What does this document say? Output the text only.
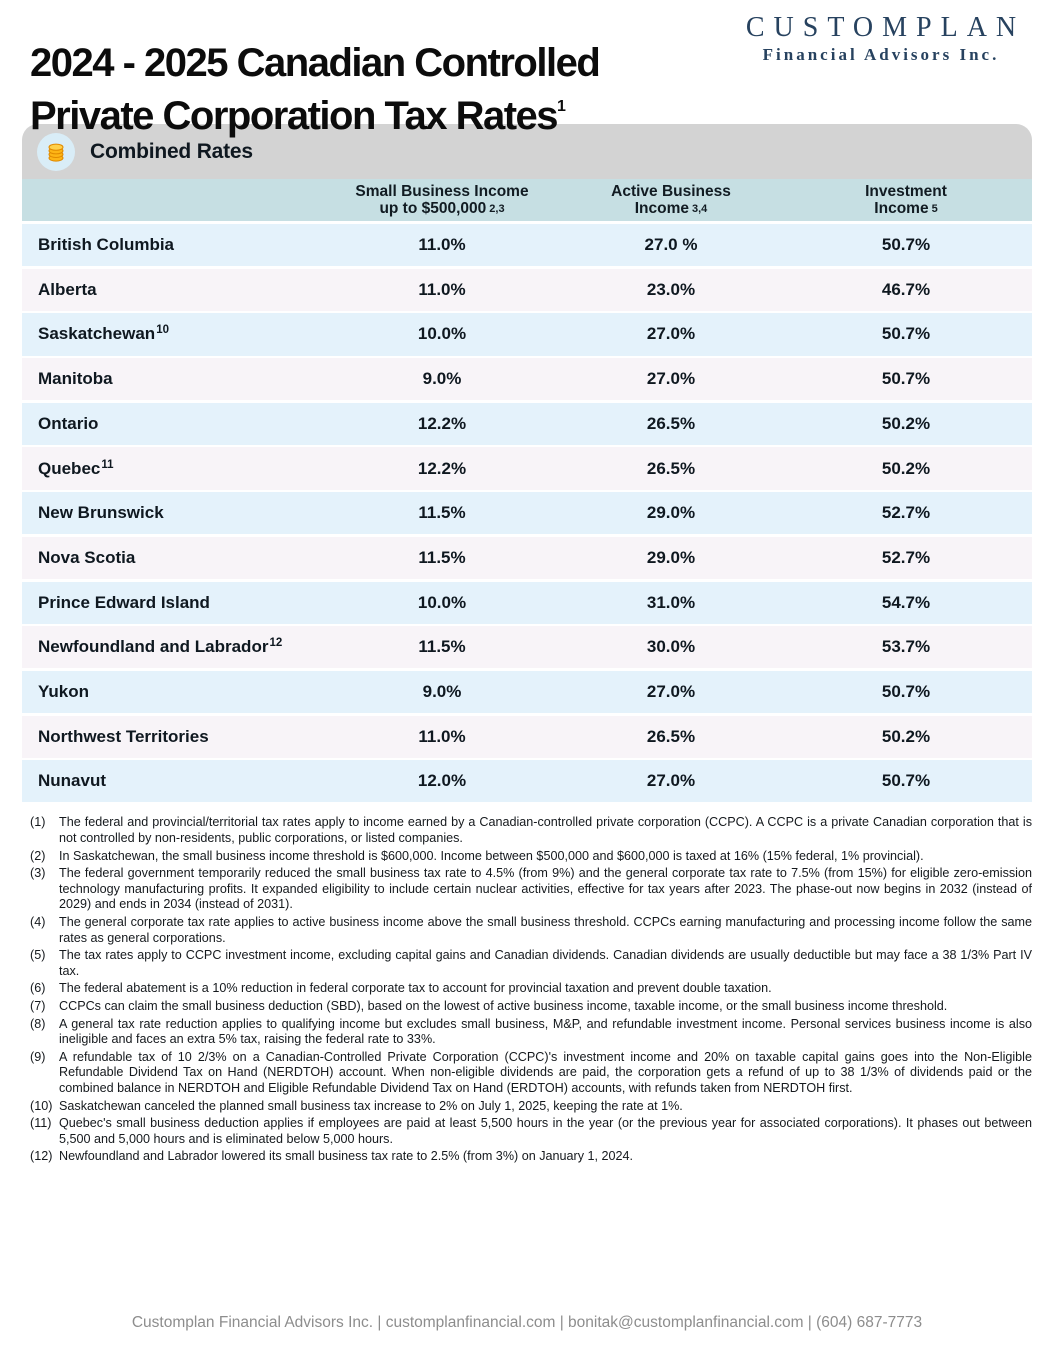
2024 - 2025 Canadian Controlled
Private Corporation Tax Rates$^1$
CUSTOMPLAN
Financial Advisors Inc.
Combined Rates
Small Business Income
up to $500,000 2,3
Active Business
Income 3,4
Investment
Income 5
British Columbia	11.0%	27.0 %	50.7%
Alberta	11.0%	23.0%	46.7%
Saskatchewan$^{10}$	10.0%	27.0%	50.7%
Manitoba	9.0%	27.0%	50.7%
Ontario	12.2%	26.5%	50.2%
Quebec$^{11}$	12.2%	26.5%	50.2%
New Brunswick	11.5%	29.0%	52.7%
Nova Scotia	11.5%	29.0%	52.7%
Prince Edward Island	10.0%	31.0%	54.7%
Newfoundland and Labrador$^{12}$	11.5%	30.0%	53.7%
Yukon	9.0%	27.0%	50.7%
Northwest Territories	11.0%	26.5%	50.2%
Nunavut	12.0%	27.0%	50.7%
(1)	The federal and provincial/territorial tax rates apply to income earned by a Canadian-controlled private corporation (CCPC). A CCPC is a private Canadian corporation that is not controlled by non-residents, public corporations, or listed companies.
(2)	In Saskatchewan, the small business income threshold is $600,000. Income between $500,000 and $600,000 is taxed at 16% (15% federal, 1% provincial).
(3)	The federal government temporarily reduced the small business tax rate to 4.5% (from 9%) and the general corporate tax rate to 7.5% (from 15%) for eligible zero-emission technology manufacturing profits. It expanded eligibility to include certain nuclear activities, effective for tax years after 2023. The phase-out now begins in 2032 (instead of 2029) and ends in 2034 (instead of 2031).
(4)	The general corporate tax rate applies to active business income above the small business threshold. CCPCs earning manufacturing and processing income follow the same rates as general corporations.
(5)	The tax rates apply to CCPC investment income, excluding capital gains and Canadian dividends. Canadian dividends are usually deductible but may face a 38 1/3% Part IV tax.
(6)	The federal abatement is a 10% reduction in federal corporate tax to account for provincial taxation and prevent double taxation.
(7)	CCPCs can claim the small business deduction (SBD), based on the lowest of active business income, taxable income, or the small business income threshold.
(8)	A general tax rate reduction applies to qualifying income but excludes small business, M&P, and refundable investment income. Personal services business income is also ineligible and faces an extra 5% tax, raising the federal rate to 33%.
(9)	A refundable tax of 10 2/3% on a Canadian-Controlled Private Corporation (CCPC)'s investment income and 20% on taxable capital gains goes into the Non-Eligible Refundable Dividend Tax on Hand (NERDTOH) account. When non-eligible dividends are paid, the corporation gets a refund of up to 38 1/3% of dividends paid or the combined balance in NERDTOH and Eligible Refundable Dividend Tax on Hand (ERDTOH) accounts, with refunds taken from NERDTOH first.
(10) Saskatchewan canceled the planned small business tax increase to 2% on July 1, 2025, keeping the rate at 1%.
(11) Quebec's small business deduction applies if employees are paid at least 5,500 hours in the year (or the previous year for associated corporations). It phases out between 5,500 and 5,000 hours and is eliminated below 5,000 hours.
(12) Newfoundland and Labrador lowered its small business tax rate to 2.5% (from 3%) on January 1, 2024.
Customplan Financial Advisors Inc. | customplanfinancial.com | bonitak@customplanfinancial.com | (604) 687-7773
